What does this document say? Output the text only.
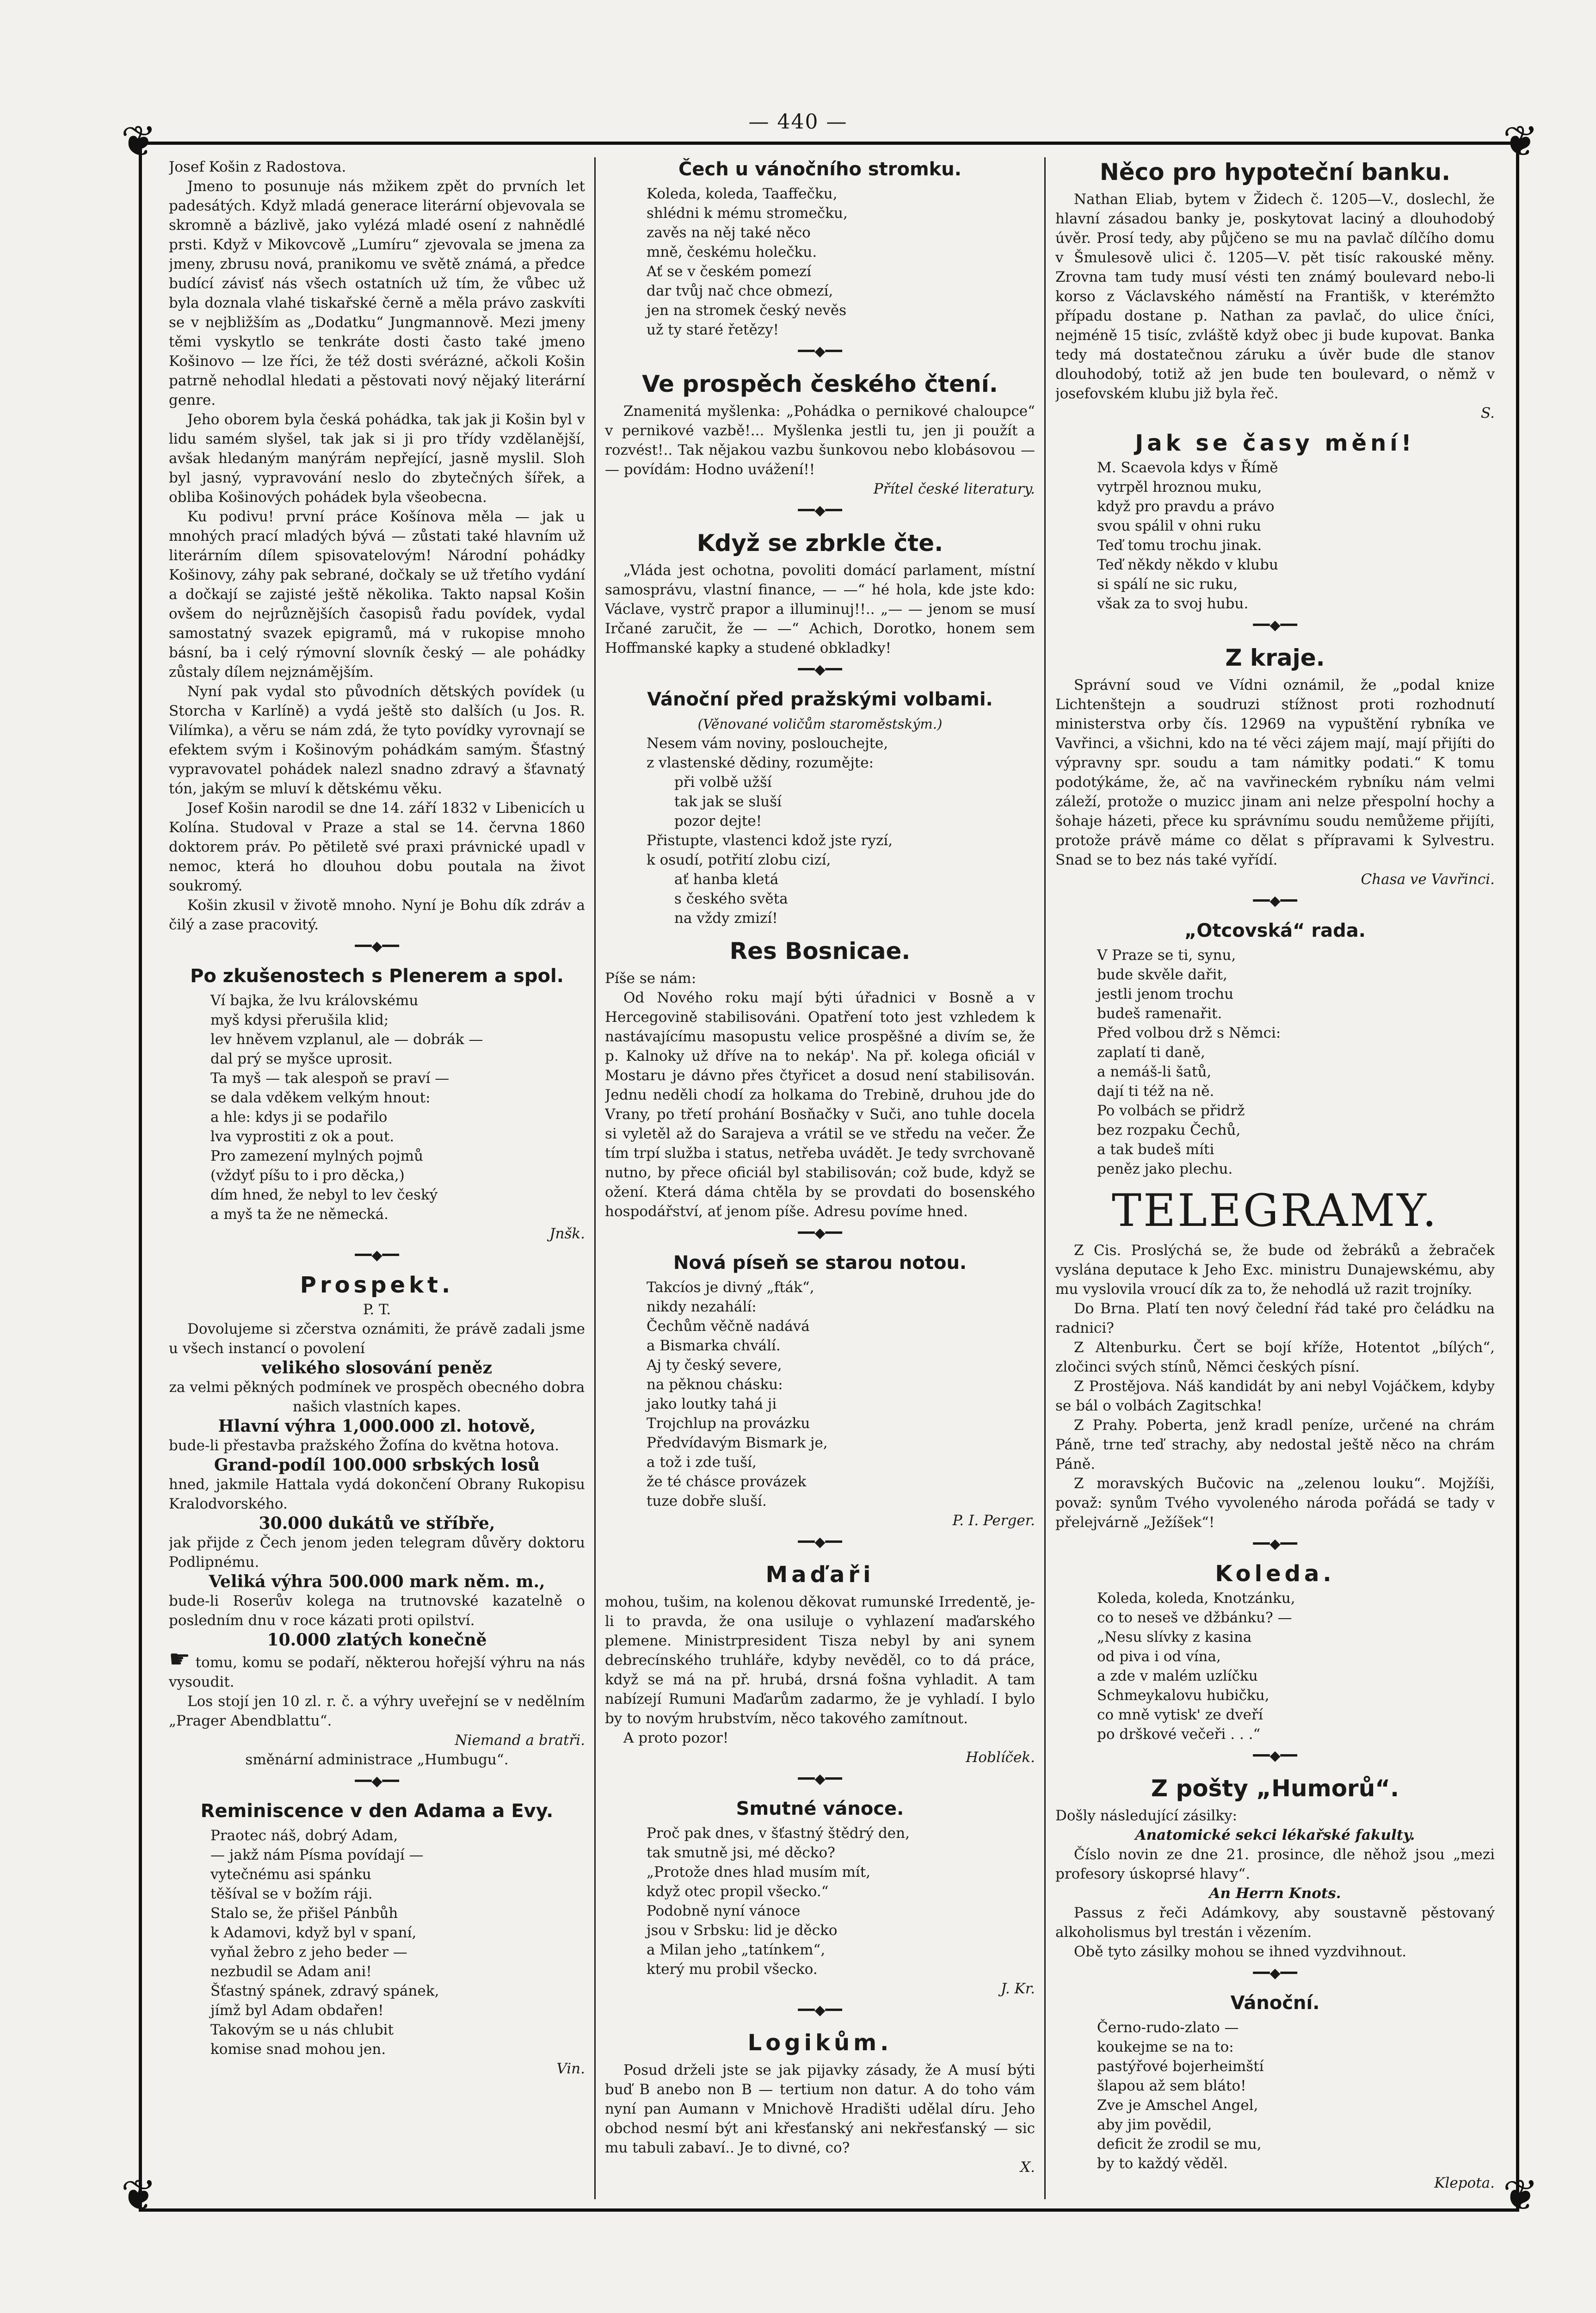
— 440 —
❦	❦
❦	❦

Josef Košin z Radostova.

Jmeno to posunuje nás mžikem zpět do prvních let padesátých. Když mladá generace literární objevovala se skromně a bázlivě, jako vylézá mladé osení z nahnědlé prsti. Když v Mikovcově „Lumíru“ zjevovala se jmena za jmeny, zbrusu nová, pranikomu ve světě známá, a předce budící závisť nás všech ostatních už tím, že vůbec už byla doznala vlahé tiskařské černě a měla právo zaskvíti se v nejbližším as „Dodatku“ Jungmannově. Mezi jmeny těmi vyskytlo se tenkráte dosti často také jmeno Košinovo — lze říci, že též dosti svérázné, ačkoli Košin patrně nehodlal hledati a pěstovati nový nějaký literární genre.

Jeho oborem byla česká pohádka, tak jak ji Košin byl v lidu samém slyšel, tak jak si ji pro třídy vzdělanější, avšak hledaným manýrám nepřející, jasně myslil. Sloh byl jasný, vypravování neslo do zbytečných šířek, a obliba Košinových pohádek byla všeobecna.

Ku podivu! první práce Košínova měla — jak u mnohých prací mladých bývá — zůstati také hlavním už literárním dílem spisovatelovým! Národní pohádky Košinovy, záhy pak sebrané, dočkaly se už třetího vydání a dočkají se zajisté ještě několika. Takto napsal Košin ovšem do nejrůznějších časopisů řadu povídek, vydal samostatný svazek epigramů, má v rukopise mnoho básní, ba i celý rýmovní slovník český — ale pohádky zůstaly dílem nejznámějším.

Nyní pak vydal sto původních dětských povídek (u Storcha v Karlíně) a vydá ještě sto dalších (u Jos. R. Vilímka), a věru se nám zdá, že tyto povídky vyrovnají se efektem svým i Košinovým pohádkám samým. Šťastný vypravovatel pohádek nalezl snadno zdravý a šťavnatý tón, jakým se mluví k dětskému věku.

Josef Košin narodil se dne 14. září 1832 v Libenicích u Kolína. Studoval v Praze a stal se 14. června 1860 doktorem práv. Po pětiletě své praxi právnické upadl v nemoc, která ho dlouhou dobu poutala na život soukromý.

Košin zkusil v životě mnoho. Nyní je Bohu dík zdráv a čilý a zase pracovitý.

━━◆━━
Po zkušenostech s Plenerem a spol.
Ví bajka, že lvu královskému
myš kdysi přerušila klid;
lev hněvem vzplanul, ale — dobrák —
dal prý se myšce uprosit.
Ta myš — tak alespoň se praví —
se dala vděkem velkým hnout:
a hle: kdys ji se podařilo
lva vyprostiti z ok a pout.
Pro zamezení mylných pojmů
(vždyť píšu to i pro děcka,)
dím hned, že nebyl to lev český
a myš ta že ne německá.

Jnšk.

━━◆━━
Prospekt.

P. T.

Dovolujeme si zčerstva oznámiti, že právě zadali jsme u všech instancí o povolení

velikého slosování peněz

za velmi pěkných podmínek ve prospěch obecného dobra našich vlastních kapes.

Hlavní výhra 1,000.000 zl. hotově,

bude-li přestavba pražského Žofína do května hotova.

Grand-podíl 100.000 srbských losů

hned, jakmile Hattala vydá dokončení Obrany Rukopisu Kralodvorského.

30.000 dukátů ve stříbře,

jak přijde z Čech jenom jeden telegram důvěry doktoru Podlipnému.

Veliká výhra 500.000 mark něm. m.,

bude-li Roserův kolega na trutnovské kazatelně o posledním dnu v roce kázati proti opilství.

10.000 zlatých konečně

☛ tomu, komu se podaří, některou hořejší výhru na nás vysoudit.

Los stojí jen 10 zl. r. č. a výhry uveřejní se v nedělním „Prager Abendblattu“.

Niemand a bratři.

směnární administrace „Humbugu“.

━━◆━━
Reminiscence v den Adama a Evy.
Praotec náš, dobrý Adam,
— jakž nám Písma povídají —
vytečnému asi spánku
těšíval se v božím ráji.
Stalo se, že přišel Pánbůh
k Adamovi, když byl v spaní,
vyňal žebro z jeho beder —
nezbudil se Adam ani!
Šťastný spánek, zdravý spánek,
jímž byl Adam obdařen!
Takovým se u nás chlubit
komise snad mohou jen.

Vin.

Čech u vánočního stromku.
Koleda, koleda, Taaffečku,
shlédni k mému stromečku,
zavěs na něj také něco
mně, českému holečku.
Ať se v českém pomezí
dar tvůj nač chce obmezí,
jen na stromek český nevěs
už ty staré řetězy!
━━◆━━
Ve prospěch českého čtení.

Znamenitá myšlenka: „Pohádka o pernikové chaloupce“ v pernikové vazbě!... Myšlenka jestli tu, jen ji použít a rozvést!.. Tak nějakou vazbu šunkovou nebo klobásovou — — povídám: Hodno uvážení!!

Přítel české literatury.

━━◆━━
Když se zbrkle čte.

„Vláda jest ochotna, povoliti domácí parlament, místní samosprávu, vlastní finance, — —“ hé hola, kde jste kdo: Václave, vystrč prapor a illuminuj!!.. „— — jenom se musí Irčané zaručit, že — —“ Achich, Dorotko, honem sem Hoffmanské kapky a studené obkladky!

━━◆━━
Vánoční před pražskými volbami.

(Věnované voličům staroměstským.)

Nesem vám noviny, poslouchejte,
z vlastenské dědiny, rozumějte:
při volbě užší
tak jak se sluší
pozor dejte!
Přistupte, vlastenci kdož jste ryzí,
k osudí, potřití zlobu cizí,
ať hanba kletá
s českého světa
na vždy zmizí!
Res Bosnicae.

Píše se nám:

Od Nového roku mají býti úřadnici v Bosně a v Hercegovině stabilisováni. Opatření toto jest vzhledem k nastávajícímu masopustu velice prospěšné a divím se, že p. Kalnoky už dříve na to nekáp'. Na př. kolega oficiál v Mostaru je dávno přes čtyřicet a dosud není stabilisován. Jednu neděli chodí za holkama do Trebině, druhou jde do Vrany, po třetí prohání Bosňačky v Suči, ano tuhle docela si vyletěl až do Sarajeva a vrátil se ve středu na večer. Že tím trpí služba i status, netřeba uvádět. Je tedy svrchovaně nutno, by přece oficiál byl stabilisován; což bude, když se ožení. Která dáma chtěla by se provdati do bosenského hospodářství, ať jenom píše. Adresu povíme hned.

━━◆━━
Nová píseň se starou notou.
Takcíos je divný „fták“,
nikdy nezahálí:
Čechům věčně nadává
a Bismarka chválí.
Aj ty český severe,
na pěknou chásku:
jako loutky tahá ji
Trojchlup na provázku
Předvídavým Bismark je,
a tož i zde tuší,
že té chásce provázek
tuze dobře sluší.

P. I. Perger.

━━◆━━
Maďaři

mohou, tušim, na kolenou děkovat rumunské Irredentě, je-li to pravda, že ona usiluje o vyhlazení maďarského plemene. Ministrpresident Tisza nebyl by ani synem debrecínského truhláře, kdyby nevěděl, co to dá práce, když se má na př. hrubá, drsná fošna vyhladit. A tam nabízejí Rumuni Maďarům zadarmo, že je vyhladí. I bylo by to novým hrubstvím, něco takového zamítnout.

A proto pozor!

Hoblíček.

━━◆━━
Smutné vánoce.
Proč pak dnes, v šťastný štědrý den,
tak smutně jsi, mé děcko?
„Protože dnes hlad musím mít,
když otec propil všecko.“
Podobně nyní vánoce
jsou v Srbsku: lid je děcko
a Milan jeho „tatínkem“,
který mu probil všecko.

J. Kr.

━━◆━━
Logikům.

Posud drželi jste se jak pijavky zásady, že A musí býti buď B anebo non B — tertium non datur. A do toho vám nyní pan Aumann v Mnichově Hradišti udělal díru. Jeho obchod nesmí být ani křesťanský ani nekřesťanský — sic mu tabuli zabaví.. Je to divné, co?

X.

Něco pro hypoteční banku.

Nathan Eliab, bytem v Židech č. 1205—V., doslechl, že hlavní zásadou banky je, poskytovat laciný a dlouhodobý úvěr. Prosí tedy, aby půjčeno se mu na pavlač dílčího domu v Šmulesově ulici č. 1205—V. pět tisíc rakouské měny. Zrovna tam tudy musí vésti ten známý boulevard nebo-li korso z Václavského náměstí na Františk, v kterémžto případu dostane p. Nathan za pavlač, do ulice čníci, nejméně 15 tisíc, zvláště když obec ji bude kupovat. Banka tedy má dostatečnou záruku a úvěr bude dle stanov dlouhodobý, totiž až jen bude ten boulevard, o němž v josefovském klubu již byla řeč.

S.

Jak se časy mění!
M. Scaevola kdys v Římě
vytrpěl hroznou muku,
když pro pravdu a právo
svou spálil v ohni ruku
Teď tomu trochu jinak.
Teď někdy někdo v klubu
si spálí ne sic ruku,
však za to svoj hubu.
━━◆━━
Z kraje.

Správní soud ve Vídni oznámil, že „podal knize Lichtenštejn a soudruzi stížnost proti rozhodnutí ministerstva orby čís. 12969 na vypuštění rybníka ve Vavřinci, a všichni, kdo na té věci zájem mají, mají přijíti do výpravny spr. soudu a tam námitky podati.“ K tomu podotýkáme, že, ač na vavřineckém rybníku nám velmi záleží, protože o muzicc jinam ani nelze přespolní hochy a šohaje házeti, přece ku správnímu soudu nemůžeme přijíti, protože právě máme co dělat s přípravami k Sylvestru. Snad se to bez nás také vyřídí.

Chasa ve Vavřinci.

━━◆━━
„Otcovská“ rada.
V Praze se ti, synu,
bude skvěle dařit,
jestli jenom trochu
budeš ramenařit.
Před volbou drž s Němci:
zaplatí ti daně,
a nemáš-li šatů,
dají ti též na ně.
Po volbách se přidrž
bez rozpaku Čechů,
a tak budeš míti
peněz jako plechu.
TELEGRAMY.

Z Cis. Proslýchá se, že bude od žebráků a žebraček vyslána deputace k Jeho Exc. ministru Dunajewskému, aby mu vyslovila vroucí dík za to, že nehodlá už razit trojníky.

Do Brna. Platí ten nový čelední řád také pro čeládku na radnici?

Z Altenburku. Čert se bojí kříže, Hotentot „bílých“, zločinci svých stínů, Němci českých písní.

Z Prostějova. Náš kandidát by ani nebyl Vojáčkem, kdyby se bál o volbách Zagitschka!

Z Prahy. Poberta, jenž kradl peníze, určené na chrám Páně, trne teď strachy, aby nedostal ještě něco na chrám Páně.

Z moravských Bučovic na „zelenou louku“. Mojžíši, považ: synům Tvého vyvoleného národa pořádá se tady v přelejvárně „Ježíšek“!

━━◆━━
Koleda.
Koleda, koleda, Knotzánku,
co to neseš ve džbánku? —
„Nesu slívky z kasina
od piva i od vína,
a zde v malém uzlíčku
Schmeykalovu hubičku,
co mně vytisk' ze dveří
po drškové večeři . . .“
━━◆━━
Z pošty „Humorů“.

Došly následující zásilky:

Anatomické sekci lékařské fakulty.

Číslo novin ze dne 21. prosince, dle něhož jsou „mezi profesory úskoprsé hlavy“.

An Herrn Knots.

Passus z řeči Adámkovy, aby soustavně pěstovaný alkoholismus byl trestán i vězením.

Obě tyto zásilky mohou se ihned vyzdvihnout.

━━◆━━
Vánoční.
Černo-rudo-zlato —
koukejme se na to:
pastýřové bojerheimští
šlapou až sem bláto!
Zve je Amschel Angel,
aby jim povědil,
deficit že zrodil se mu,
by to každý věděl.

Klepota.
